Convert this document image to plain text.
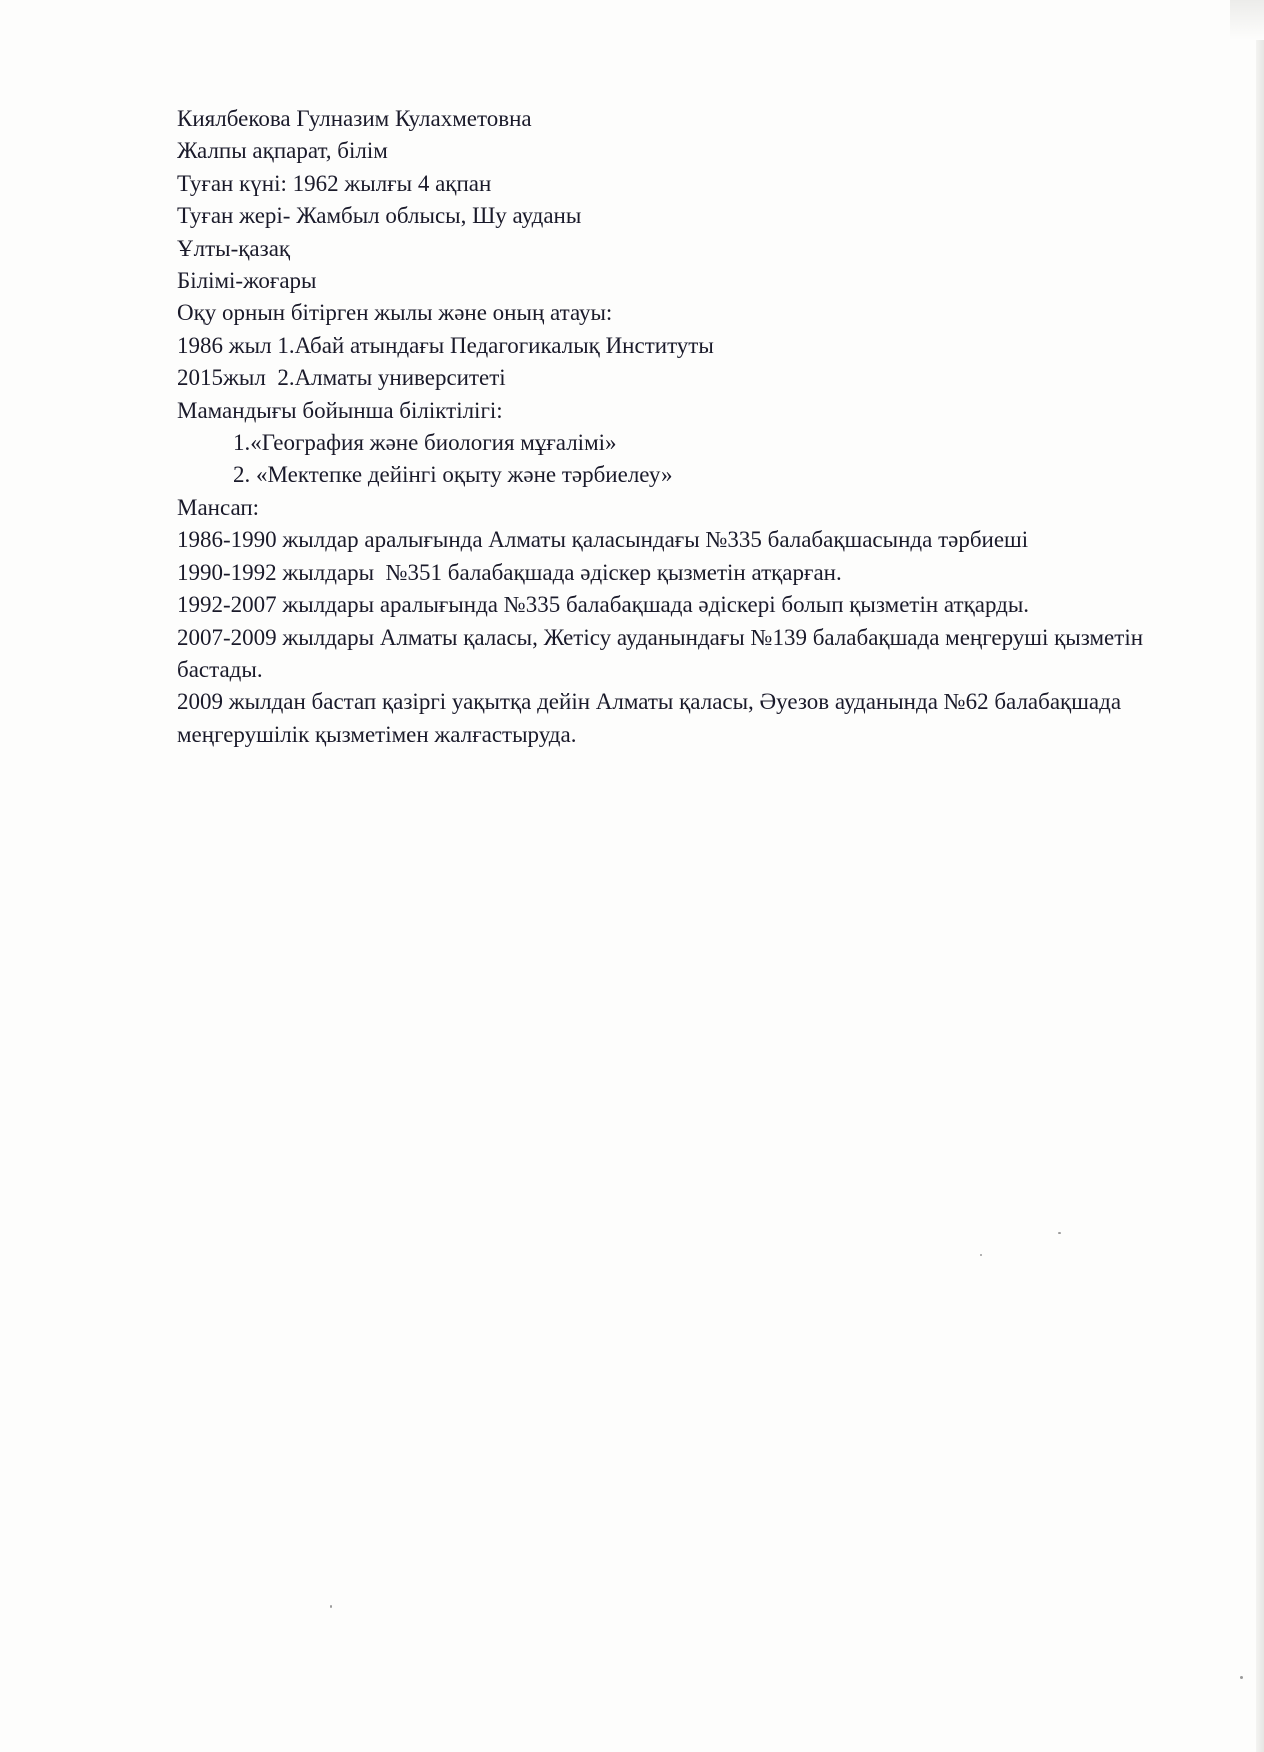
Киялбекова Гулназим Кулахметовна

Жалпы ақпарат, білім

Туған күні: 1962 жылғы 4 ақпан

Туған жері- Жамбыл облысы, Шу ауданы

Ұлты-қазақ

Білімі-жоғары

Оқу орнын бітірген жылы және оның атауы:

1986 жыл 1.Абай атындағы Педагогикалық Институты

2015жыл  2.Алматы университеті

Мамандығы бойынша біліктілігі:

1.«География және биология мұғалімі»

2. «Мектепке дейінгі оқыту және тәрбиелеу»

Мансап:

1986-1990 жылдар аралығында Алматы қаласындағы №335 балабақшасында тәрбиеші

1990-1992 жылдары  №351 балабақшада әдіскер қызметін атқарған.

1992-2007 жылдары аралығында №335 балабақшада әдіскері болып қызметін атқарды.

2007-2009 жылдары Алматы қаласы, Жетісу ауданындағы №139 балабақшада меңгеруші қызметін бастады.

2009 жылдан бастап қазіргі уақытқа дейін Алматы қаласы, Әуезов ауданында №62 балабақшада  меңгерушілік қызметімен жалғастыруда.
